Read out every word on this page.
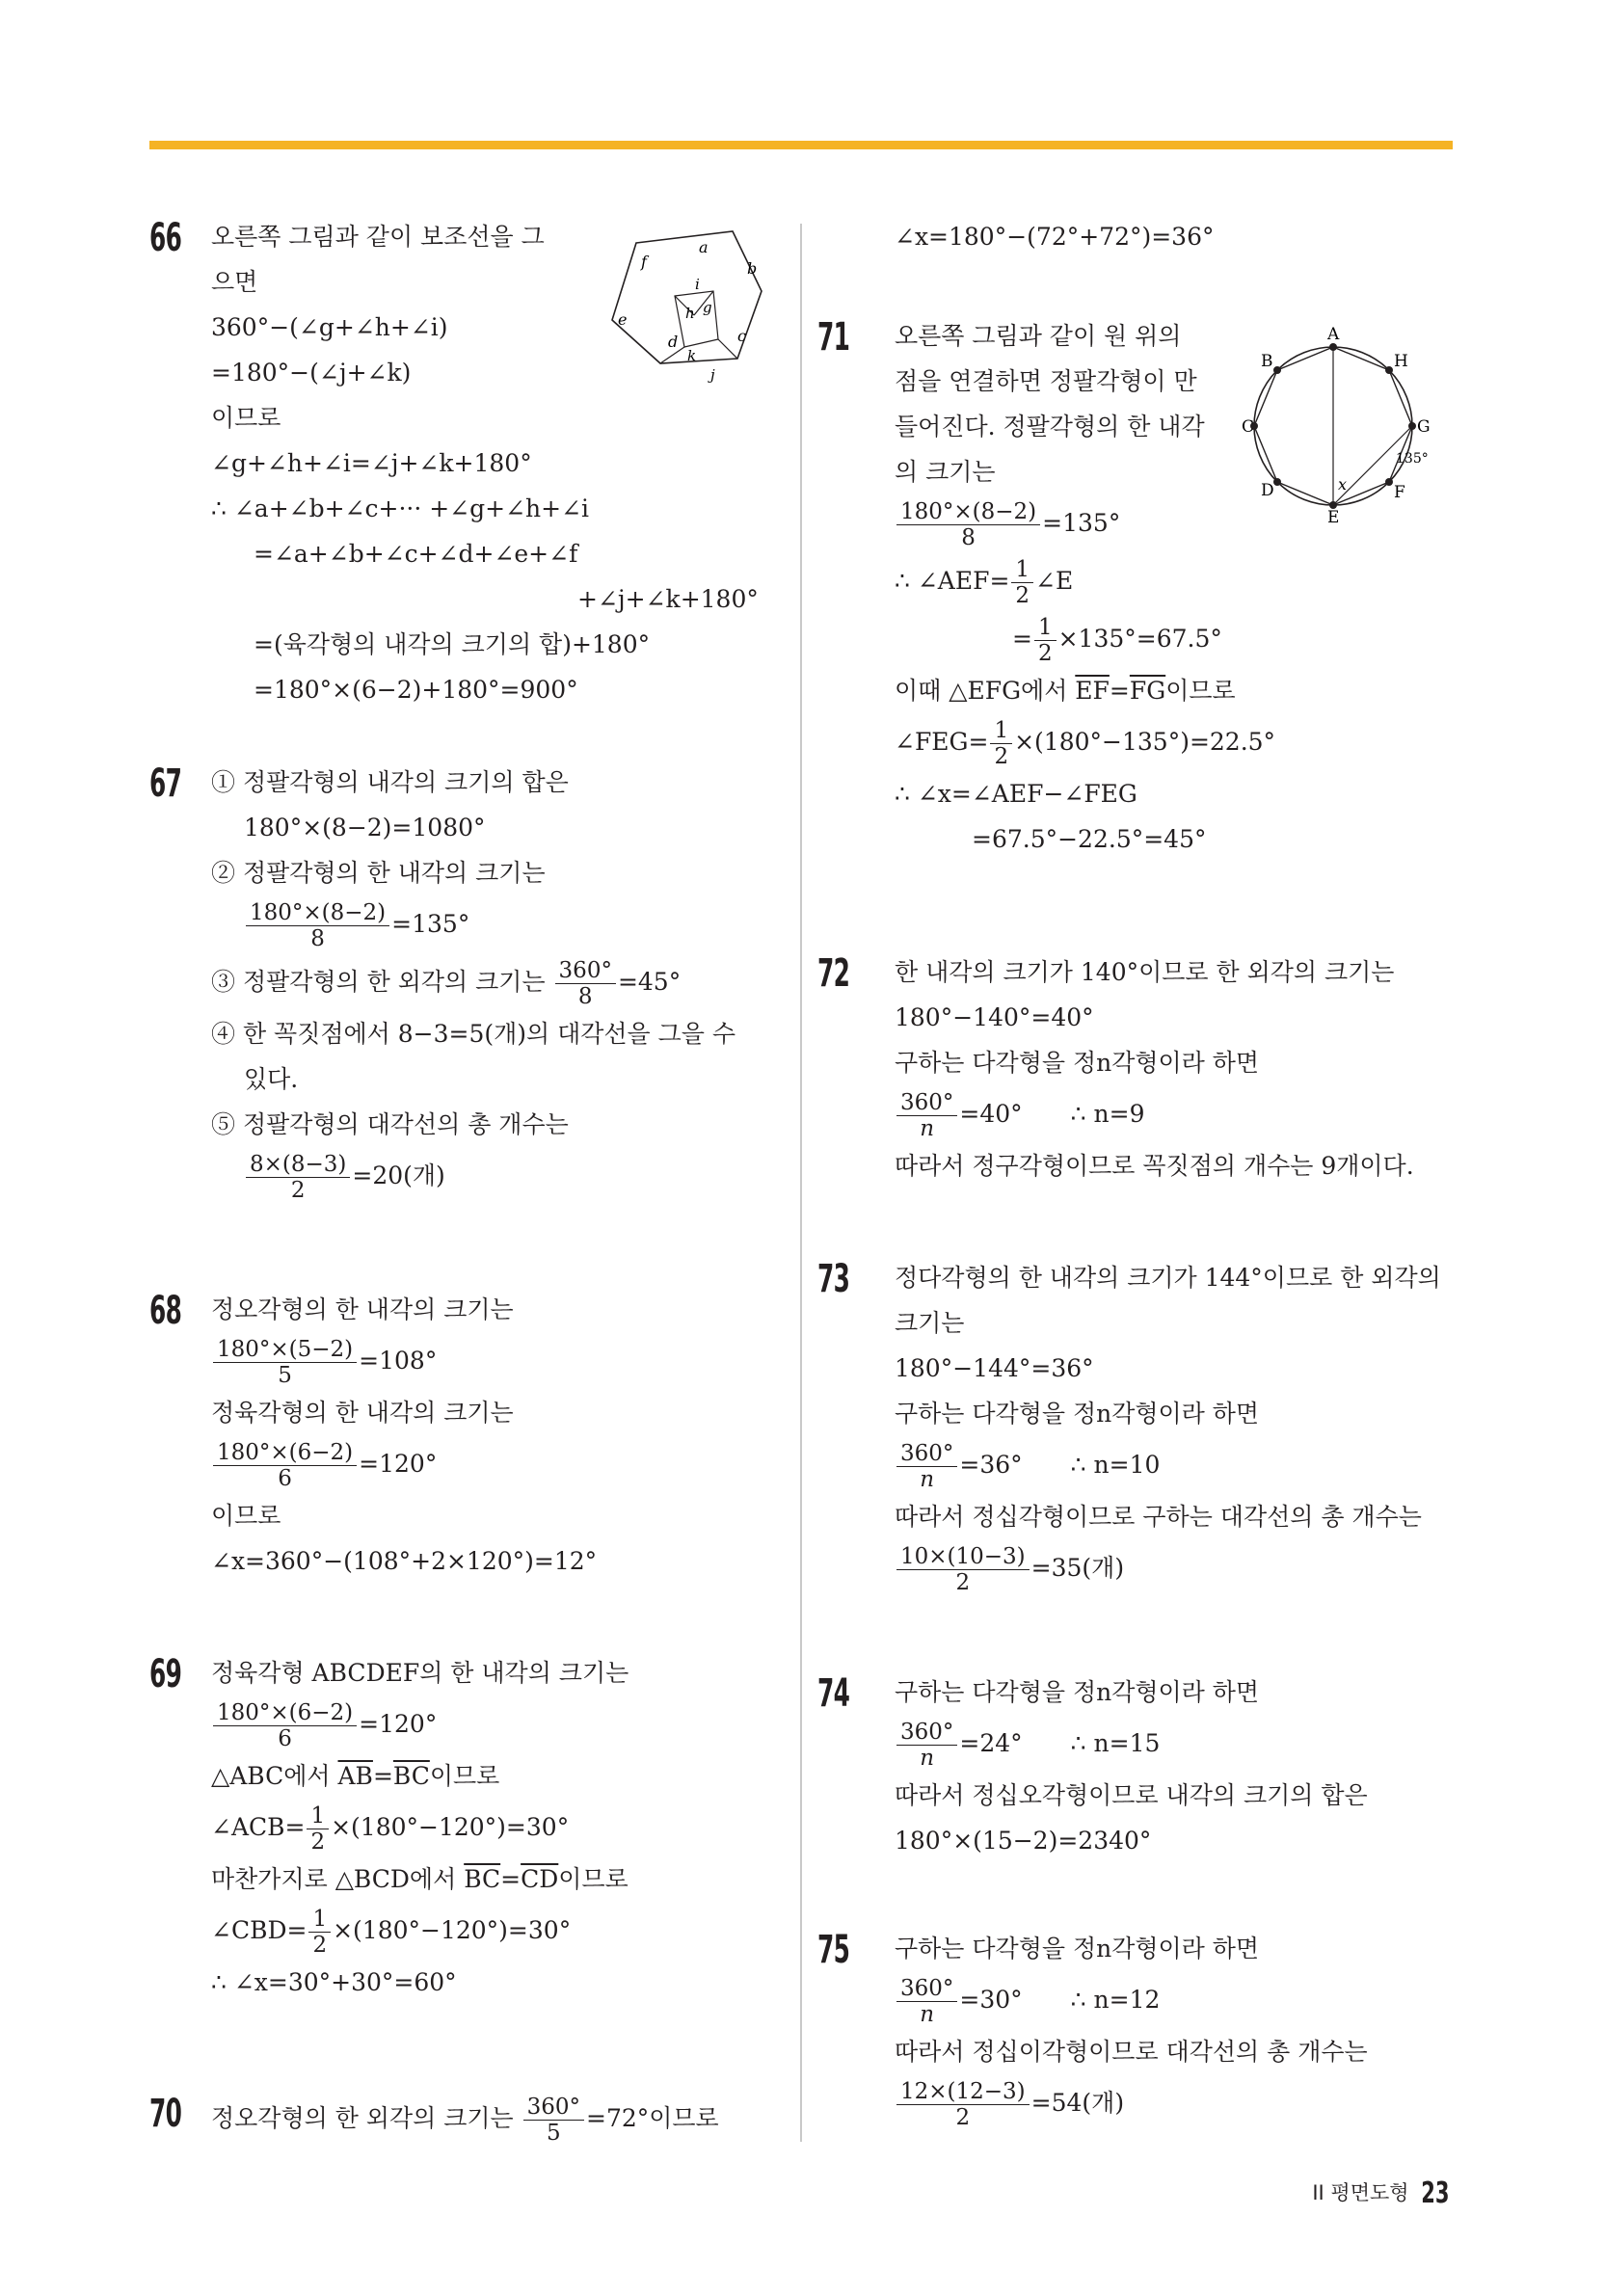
66 오른쪽 그림과 같이 보조선을 그
으면
360°−(∠g+∠h+∠i)
=180°−(∠j+∠k)
이므로
∠g+∠h+∠i=∠j+∠k+180°
∴ ∠a+∠b+∠c+··· +∠g+∠h+∠i
=∠a+∠b+∠c+∠d+∠e+∠f
+∠j+∠k+180°
=(육각형의 내각의 크기의 합)+180°
=180°×(6−2)+180°=900°
a
b
c
d
e
f
g
h
i
j
k
67 ① 정팔각형의 내각의 크기의 합은
180°×(8−2)=1080°
② 정팔각형의 한 내각의 크기는
$\frac{180^\circ\times(8-2)}{8} =135^\circ$
③ 정팔각형의 한 외각의 크기는 $\frac{360^\circ}{8} =45^\circ$
④ 한 꼭짓점에서 8−3=5(개)의 대각선을 그을 수
있다.
⑤ 정팔각형의 대각선의 총 개수는
$\frac{8\times(8-3)}{2} =20$(개)
68 정오각형의 한 내각의 크기는
$\frac{180^\circ\times(5-2)}{5} =108^\circ$
정육각형의 한 내각의 크기는
$\frac{180^\circ\times(6-2)}{6} =120^\circ$
이므로
∠x=360°−(108°+2×120°)=12°
69 정육각형 ABCDEF의 한 내각의 크기는
$\frac{180^\circ\times(6-2)}{6} =120^\circ$
△ABC에서 $\overline{AB}=\overline{BC}$이므로
∠ACB= $\frac{1}{2} \times(180^\circ-120^\circ)=30^\circ$
마찬가지로 △BCD에서 $\overline{BC}=\overline{CD}$이므로
∠CBD= $\frac{1}{2} \times(180^\circ-120^\circ)=30^\circ$
∴ ∠x=30°+30°=60°
70 정오각형의 한 외각의 크기는 $\frac{360^\circ}{5} =72^\circ$이므로
∠x=180°−(72°+72°)=36°
71 오른쪽 그림과 같이 원 위의
점을 연결하면 정팔각형이 만
들어진다. 정팔각형의 한 내각
의 크기는
$\frac{180^\circ\times(8-2)}{8} =135^\circ$
∴ ∠AEF= $\frac{1}{2}$ ∠E
= $\frac{1}{2} \times 135^\circ=67.5^\circ$
이때 △EFG에서 $\overline{EF}=\overline{FG}$이므로
∠FEG= $\frac{1}{2} \times(180^\circ-135^\circ)=22.5^\circ$
∴ ∠x=∠AEF−∠FEG
=67.5°−22.5°=45°
A
B
C
D
E
F
G
H
x
135°
72 한 내각의 크기가 140°이므로 한 외각의 크기는
180°−140°=40°
구하는 다각형을 정n각형이라 하면
$\frac{360^\circ}{n} =40^\circ$ ∴ n=9
따라서 정구각형이므로 꼭짓점의 개수는 9개이다.
73 정다각형의 한 내각의 크기가 144°이므로 한 외각의
크기는
180°−144°=36°
구하는 다각형을 정n각형이라 하면
$\frac{360^\circ}{n} =36^\circ$ ∴ n=10
따라서 정십각형이므로 구하는 대각선의 총 개수는
$\frac{10\times(10-3)}{2} =35$(개)
74 구하는 다각형을 정n각형이라 하면
$\frac{360^\circ}{n} =24^\circ$ ∴ n=15
따라서 정십오각형이므로 내각의 크기의 합은
180°×(15−2)=2340°
75 구하는 다각형을 정n각형이라 하면
$\frac{360^\circ}{n} =30^\circ$ ∴ n=12
따라서 정십이각형이므로 대각선의 총 개수는
$\frac{12\times(12-3)}{2} =54$(개)
II 평면도형 23
